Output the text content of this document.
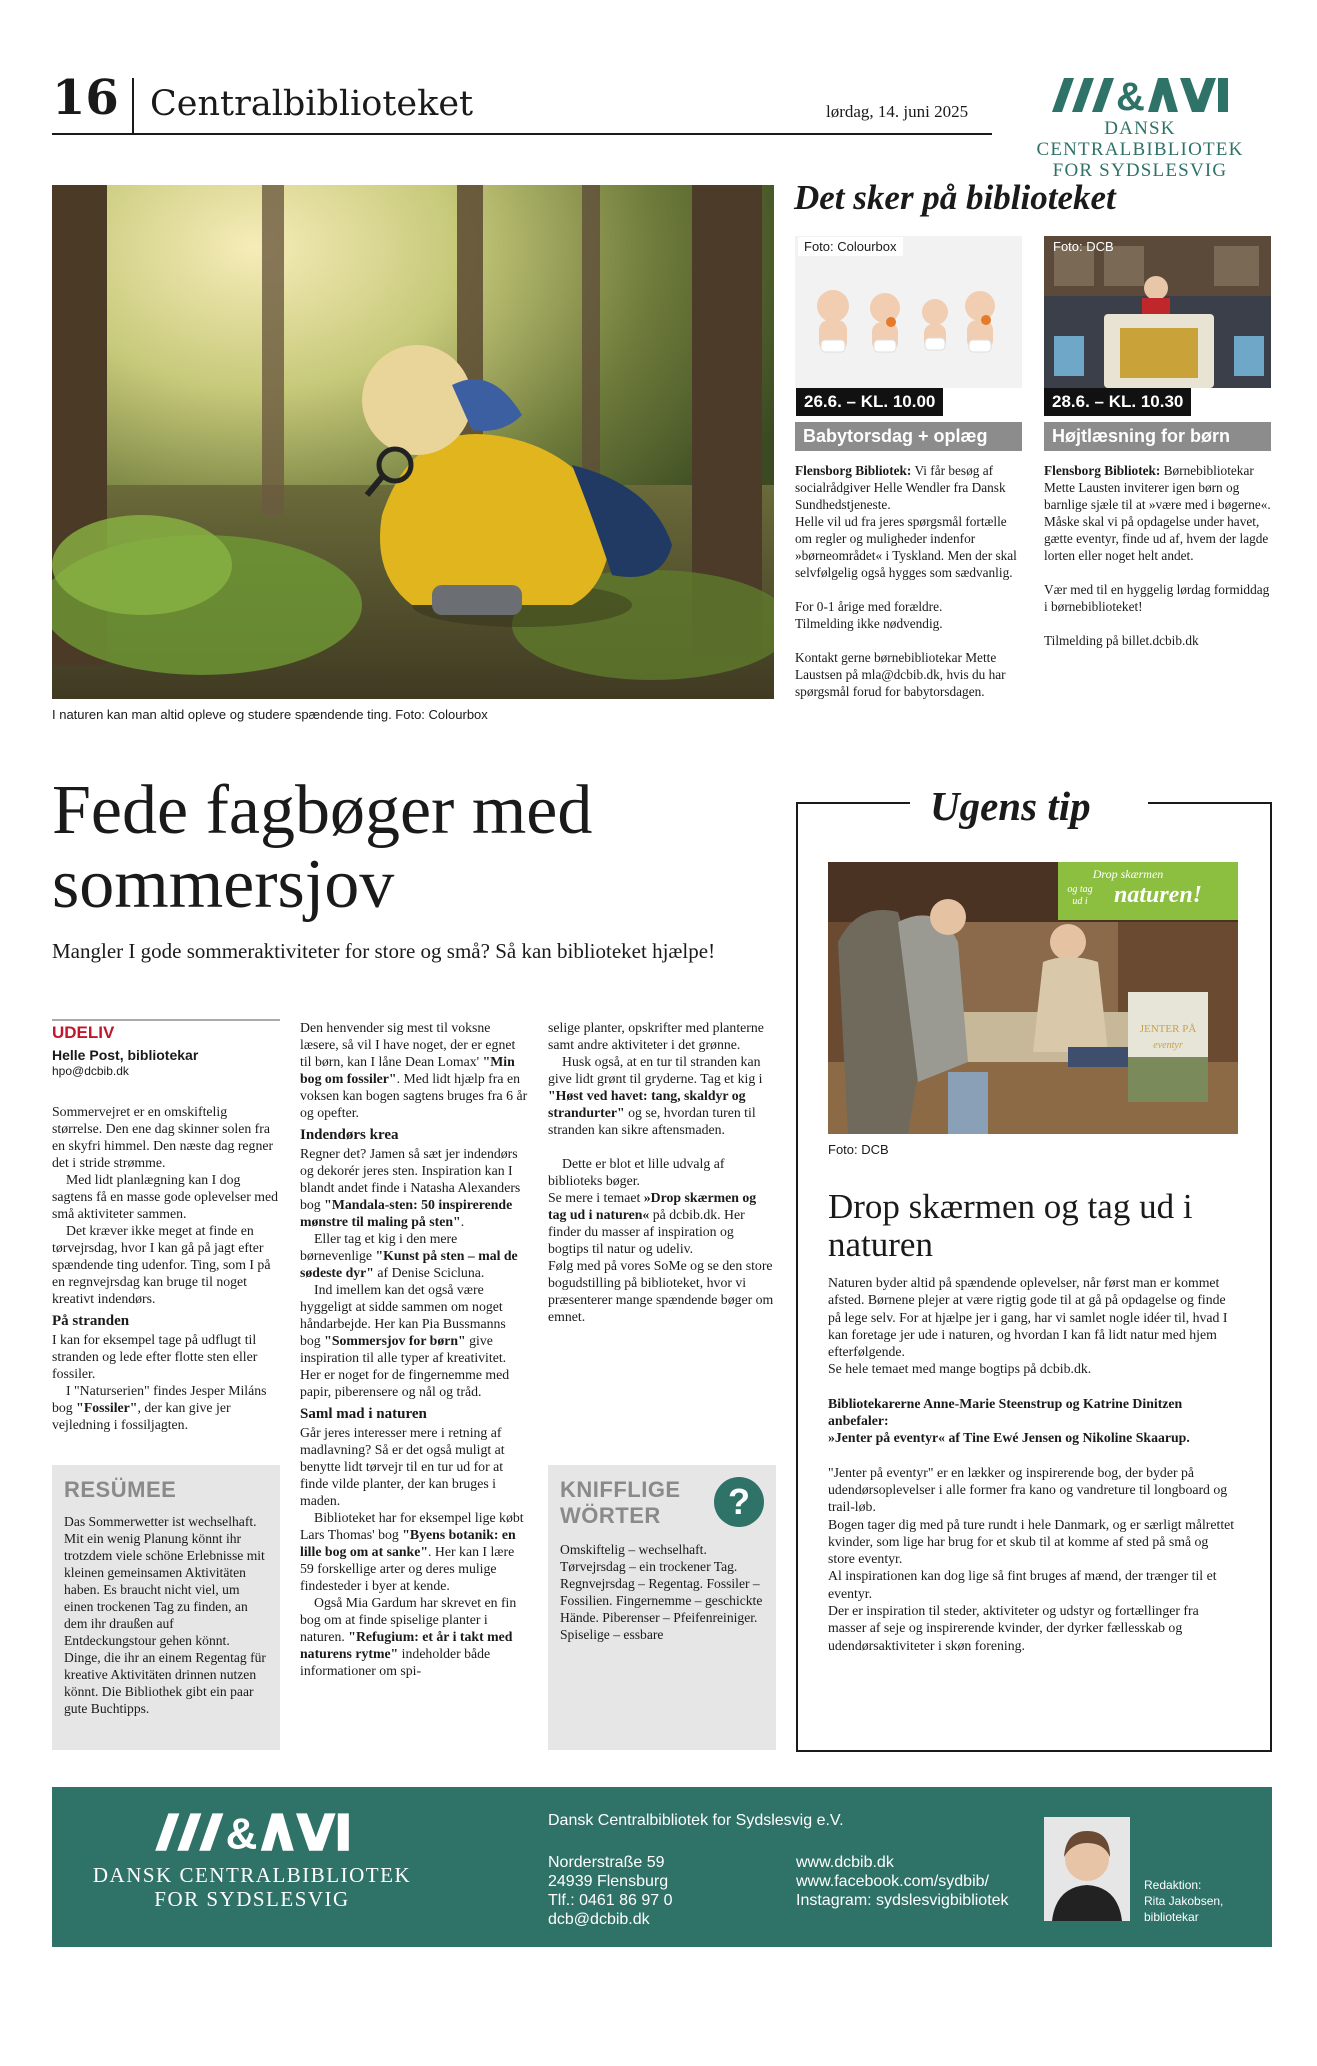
16 Centralbiblioteket	lørdag, 14. juni 2025	&
DANSK CENTRALBIBLIOTEK
FOR SYDSLESVIG
I naturen kan man altid opleve og studere spændende ting. Foto: Colourbox
Det sker på biblioteket
Foto: Colourbox
26.6. – KL. 10.00
Babytorsdag + oplæg

Flensborg Bibliotek: Vi får besøg af socialrådgiver Helle Wendler fra Dansk Sundhedstjeneste.

Helle vil ud fra jeres spørgsmål fortælle om regler og muligheder indenfor »børneområdet« i Tyskland. Men der skal selvfølgelig også hygges som sædvanlig.

For 0-1 årige med forældre.

Tilmelding ikke nødvendig.

Kontakt gerne børnebibliotekar Mette Laustsen på mla@dcbib.dk, hvis du har spørgsmål forud for babytorsdagen.

Foto: DCB
28.6. – KL. 10.30
Højtlæsning for børn

Flensborg Bibliotek: Børnebibliotekar Mette Lausten inviterer igen børn og barnlige sjæle til at »være med i bøgerne«.

Måske skal vi på opdagelse under havet, gætte eventyr, finde ud af, hvem der lagde lorten eller noget helt andet.

Vær med til en hyggelig lørdag formiddag i børnebiblioteket!

Tilmelding på billet.dcbib.dk

Fede fagbøger med
sommersjov
Mangler I gode sommeraktiviteter for store og små? Så kan biblioteket hjælpe!
UDELIV
Helle Post, bibliotekar
hpo@dcbib.dk

Sommervejret er en omskiftelig størrelse. Den ene dag skinner solen fra en skyfri himmel. Den næste dag regner det i stride strømme.

Med lidt planlægning kan I dog sagtens få en masse gode oplevelser med små aktiviteter sammen.

Det kræver ikke meget at finde en tørvejrsdag, hvor I kan gå på jagt efter spændende ting udenfor. Ting, som I på en regnvejrsdag kan bruge til noget kreativt indendørs.

På stranden

I kan for eksempel tage på udflugt til stranden og lede efter flotte sten eller fossiler.

I "Naturserien" findes Jesper Miláns bog "Fossiler", der kan give jer vejledning i fossiljagten.

RESÜMEE
Das Sommerwetter ist wechselhaft. Mit ein wenig Planung könnt ihr trotzdem viele schöne Erlebnisse mit kleinen gemeinsamen Aktivitäten haben. Es braucht nicht viel, um einen trockenen Tag zu finden, an dem ihr draußen auf Entdeckungstour gehen könnt. Dinge, die ihr an einem Regentag für kreative Aktivitäten drinnen nutzen könnt. Die Bibliothek gibt ein paar gute Buchtipps.

Den henvender sig mest til voksne læsere, så vil I have noget, der er egnet til børn, kan I låne Dean Lomax' "Min bog om fossiler". Med lidt hjælp fra en voksen kan bogen sagtens bruges fra 6 år og opefter.

Indendørs krea

Regner det? Jamen så sæt jer indendørs og dekorér jeres sten. Inspiration kan I blandt andet finde i Natasha Alexanders bog "Mandala-sten: 50 inspirerende mønstre til maling på sten".

Eller tag et kig i den mere børnevenlige "Kunst på sten – mal de sødeste dyr" af Denise Scicluna.

Ind imellem kan det også være hyggeligt at sidde sammen om noget håndarbejde. Her kan Pia Bussmanns bog "Sommersjov for børn" give inspiration til alle typer af kreativitet. Her er noget for de fingernemme med papir, piberensere og nål og tråd.

Saml mad i naturen

Går jeres interesser mere i retning af madlavning? Så er det også muligt at benytte lidt tørvejr til en tur ud for at finde vilde planter, der kan bruges i maden.

Biblioteket har for eksempel lige købt Lars Thomas' bog "Byens botanik: en lille bog om at sanke". Her kan I lære 59 forskellige arter og deres mulige findesteder i byer at kende.

Også Mia Gardum har skrevet en fin bog om at finde spiselige planter i naturen. "Refugium: et år i takt med naturens rytme" indeholder både informationer om spi-

selige planter, opskrifter med planterne samt andre aktiviteter i det grønne.

Husk også, at en tur til stranden kan give lidt grønt til gryderne. Tag et kig i "Høst ved havet: tang, skaldyr og strandurter" og se, hvordan turen til stranden kan sikre aftensmaden.

Dette er blot et lille udvalg af biblioteks bøger.

Se mere i temaet »Drop skærmen og tag ud i naturen« på dcbib.dk. Her finder du masser af inspiration og bogtips til natur og udeliv.

Følg med på vores SoMe og se den store bogudstilling på biblioteket, hvor vi præsenterer mange spændende bøger om emnet.

KNIFFLIGE
WÖRTER	?
Omskiftelig – wechselhaft. Tørvejrsdag – ein trockener Tag. Regnvejrsdag – Regentag. Fossiler – Fossilien. Fingernemme – geschickte Hände. Piberenser – Pfeifenreiniger. Spiselige – essbare
Ugens tip
JENTER PÅ
eventyr
Drop skærmen
og tag
ud i naturen!
Foto: DCB
Drop skærmen og tag ud i naturen

Naturen byder altid på spændende oplevelser, når først man er kommet afsted. Børnene plejer at være rigtig gode til at gå på opdagelse og finde på lege selv. For at hjælpe jer i gang, har vi samlet nogle idéer til, hvad I kan foretage jer ude i naturen, og hvordan I kan få lidt natur med hjem efterfølgende.

Se hele temaet med mange bogtips på dcbib.dk.

Bibliotekarerne Anne-Marie Steenstrup og Katrine Dinitzen anbefaler:

»Jenter på eventyr« af Tine Ewé Jensen og Nikoline Skaarup.

"Jenter på eventyr" er en lækker og inspirerende bog, der byder på udendørsoplevelser i alle former fra kano og vandreture til longboard og trail-løb.

Bogen tager dig med på ture rundt i hele Danmark, og er særligt målrettet kvinder, som lige har brug for et skub til at komme af sted på små og store eventyr.

Al inspirationen kan dog lige så fint bruges af mænd, der trænger til et eventyr.

Der er inspiration til steder, aktiviteter og udstyr og fortællinger fra masser af seje og inspirerende kvinder, der dyrker fællesskab og udendørsaktiviteter i skøn forening.

&
DANSK CENTRALBIBLIOTEK
FOR SYDSLESVIG
Dansk Centralbibliotek for Sydslesvig e.V.
Norderstraße 59
24939 Flensburg
Tlf.: 0461 86 97 0
dcb@dcbib.dk
www.dcbib.dk
www.facebook.com/sydbib/
Instagram: sydslesvigbibliotek
Redaktion:
Rita Jakobsen,
bibliotekar
